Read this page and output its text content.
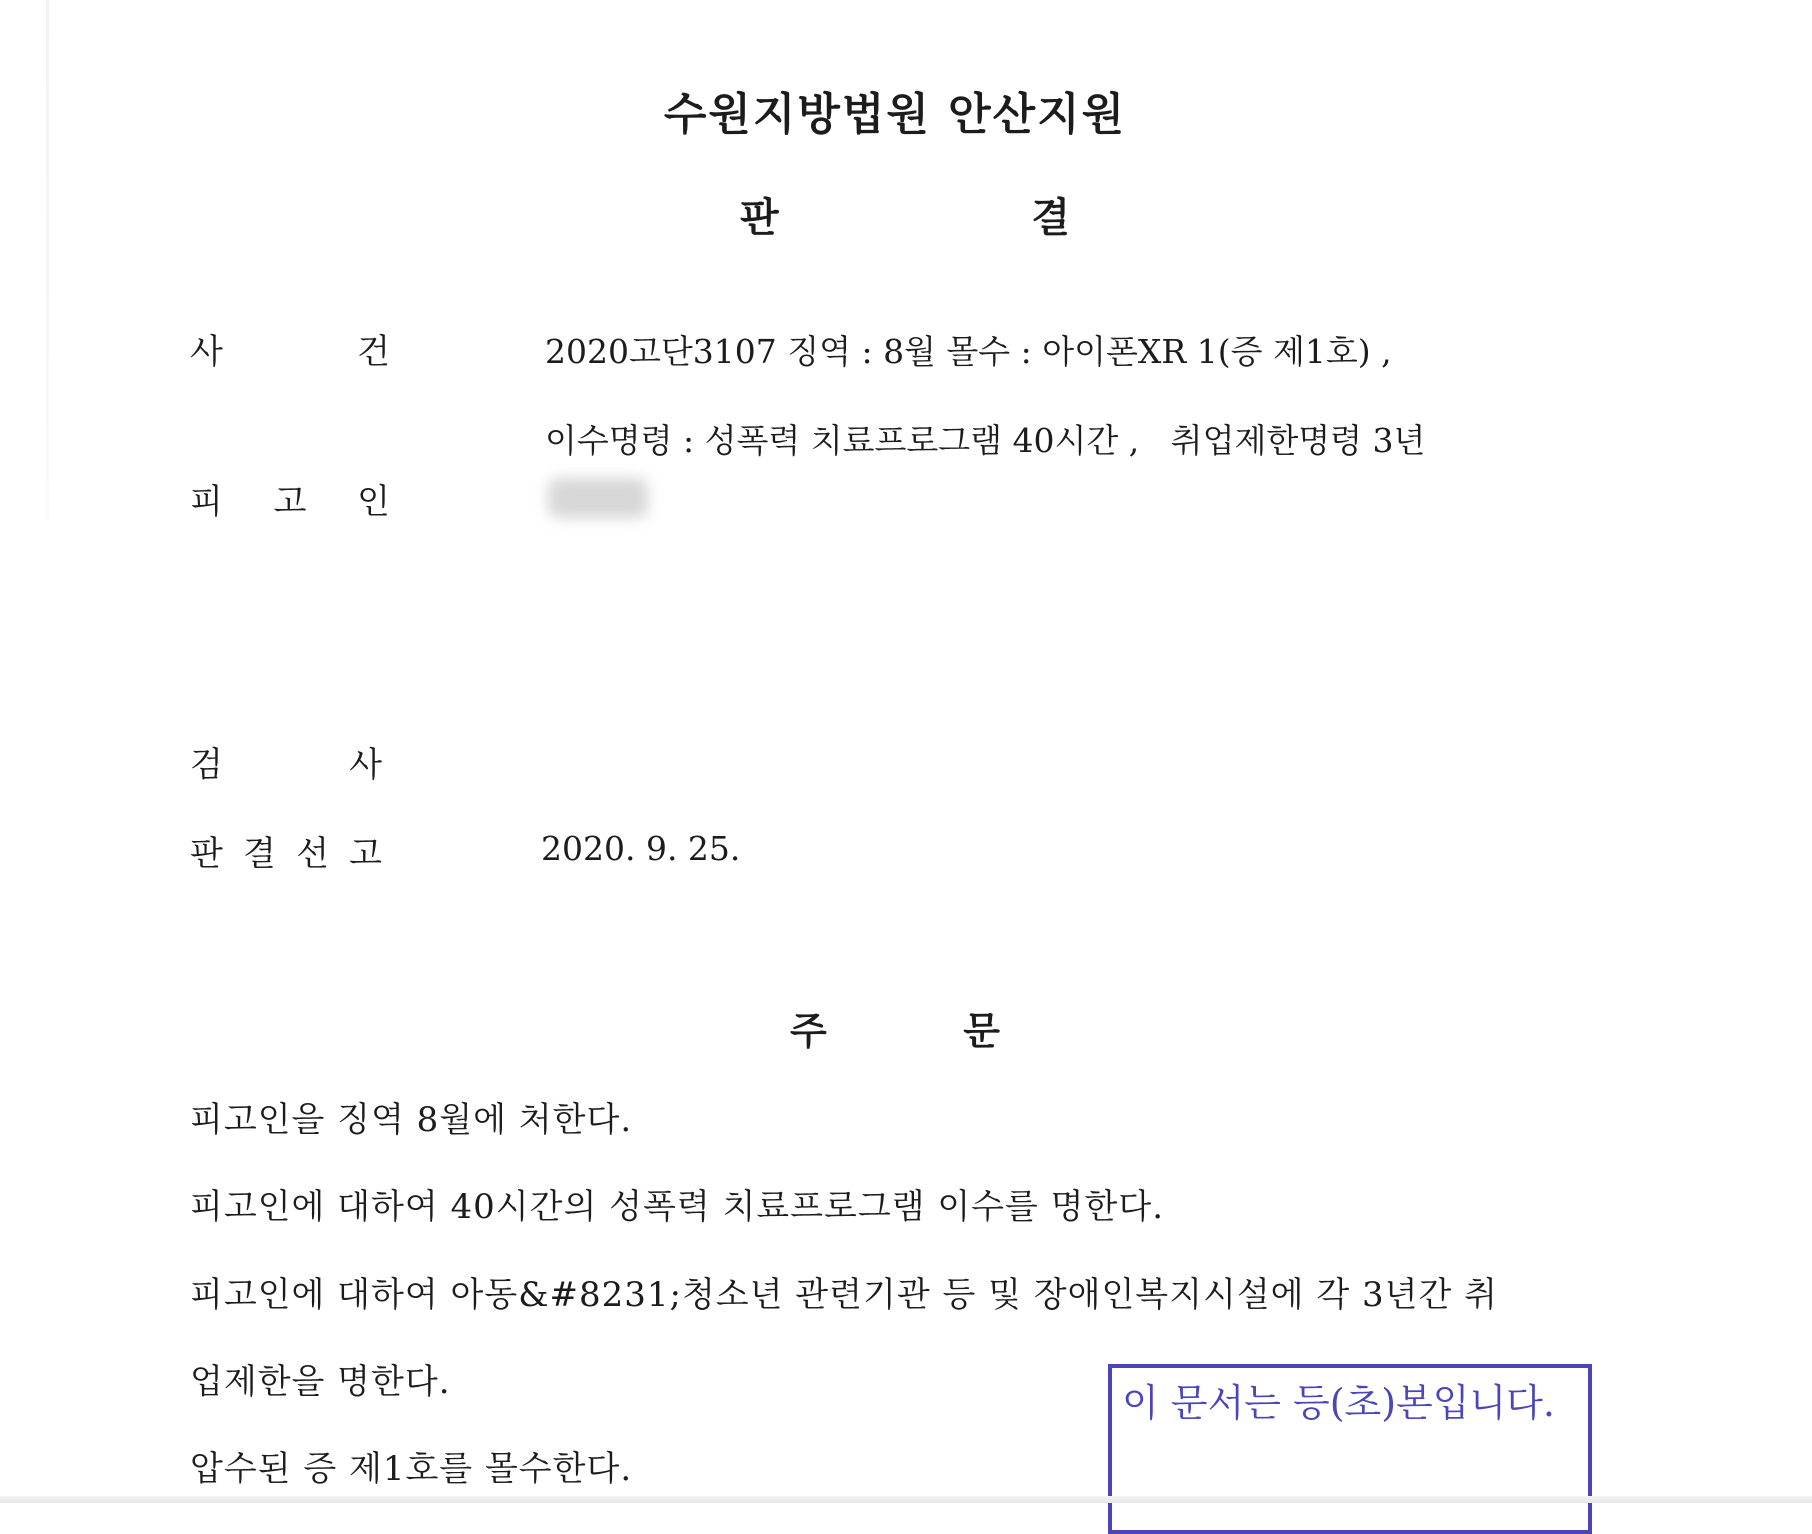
수원지방법원 안산지원
판	결
사	건	2020고단3107 징역 : 8월 몰수 : 아이폰XR 1(증 제1호) ,
이수명령 : 성폭력 치료프로그램 40시간 ,   취업제한명령 3년
피 고 인
검	사
판 결 선 고	2020. 9. 25.
주	문
피고인을 징역 8월에 처한다.
피고인에 대하여 40시간의 성폭력 치료프로그램 이수를 명한다.
피고인에 대하여 아동&#8231;청소년 관련기관 등 및 장애인복지시설에 각 3년간 취
업제한을 명한다.
압수된 증 제1호를 몰수한다.
이 문서는 등(초)본입니다.
